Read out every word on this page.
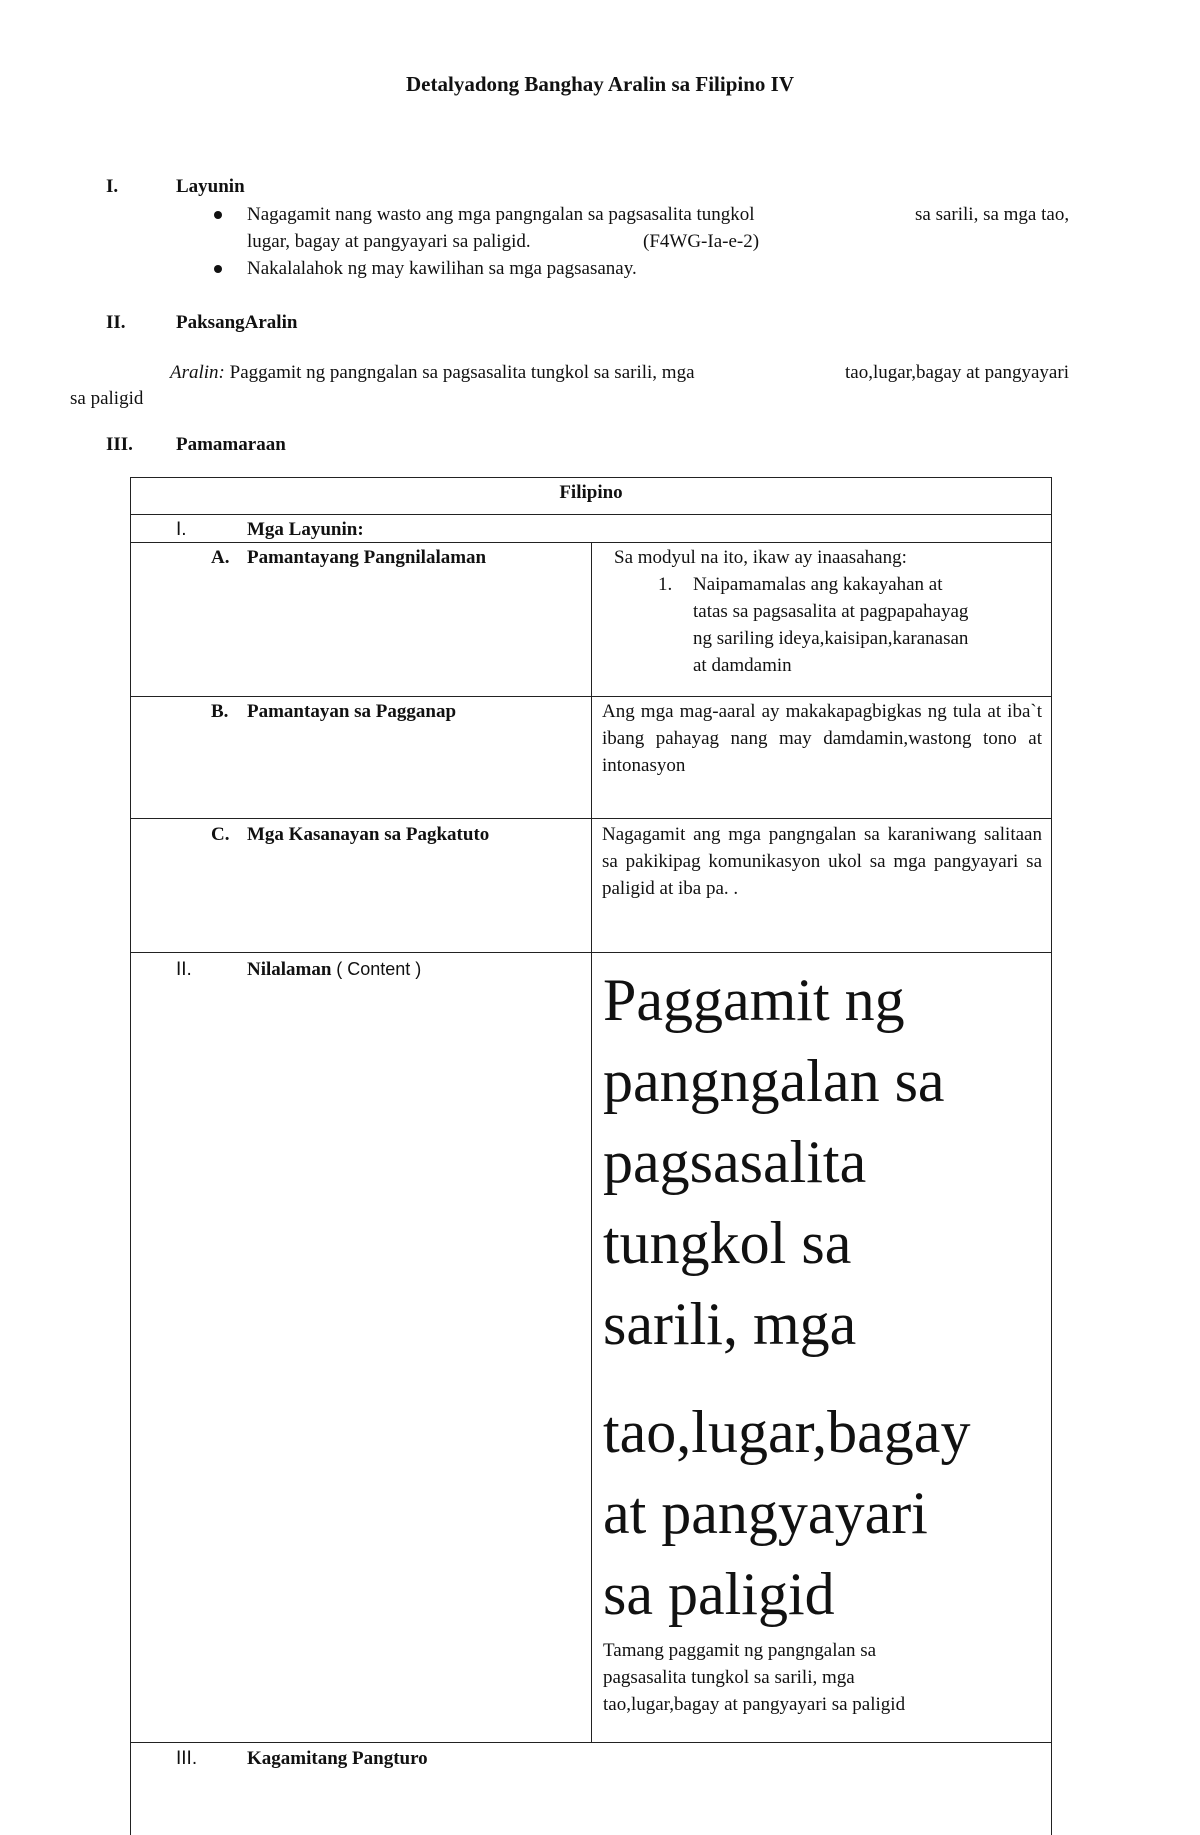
Detalyadong Banghay Aralin sa Filipino IV
I.	Layunin
Nagagamit nang wasto ang mga pangngalan sa pagsasalita tungkol	sa sarili, sa mga tao,
lugar, bagay at pangyayari sa paligid.	(F4WG-Ia-e-2)
Nakalalahok ng may kawilihan sa mga pagsasanay.
II.	PaksangAralin
Aralin: Paggamit ng pangngalan sa pagsasalita tungkol sa sarili, mga	tao,lugar,bagay at pangyayari
sa paligid
III. Pamamaraan
Filipino
I.	Mga Layunin:
A. Pamantayang Pangnilalaman	Sa modyul na ito, ikaw ay inaasahang:
1. Naipamamalas ang kakayahan at
tatas sa pagsasalita at pagpapahayag
ng sariling ideya,kaisipan,karanasan
at damdamin
B. Pamantayan sa Pagganap	Ang mga mag-aaral ay makakapagbigkas ng tula at iba`t ibang pahayag nang may damdamin,wastong tono at intonasyon
C. Mga Kasanayan sa Pagkatuto	Nagagamit ang mga pangngalan sa karaniwang salitaan sa pakikipag komunikasyon ukol sa mga pangyayari sa paligid at iba pa. .
II.	Nilalaman ( Content )	Paggamit ng
pangngalan sa
pagsasalita
tungkol sa
sarili, mga
tao,lugar,bagay
at pangyayari
sa paligid
Tamang paggamit ng pangngalan sa
pagsasalita tungkol sa sarili, mga
tao,lugar,bagay at pangyayari sa paligid
III.	Kagamitang Pangturo
